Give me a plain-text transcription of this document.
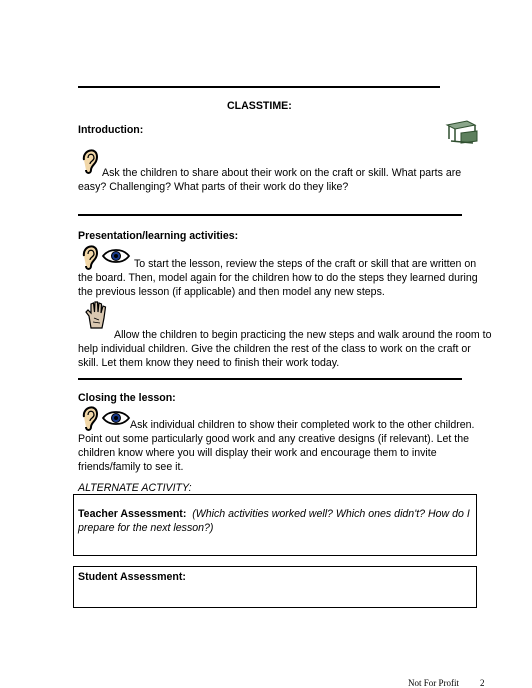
CLASSTIME:
Introduction:
Ask the children to share about their work on the craft or skill. What parts are
easy? Challenging? What parts of their work do they like?
Presentation/learning activities:
To start the lesson, review the steps of the craft or skill that are written on
the board. Then, model again for the children how to do the steps they learned during
the previous lesson (if applicable) and then model any new steps.
Allow the children to begin practicing the new steps and walk around the room to
help individual children. Give the children the rest of the class to work on the craft or
skill. Let them know they need to finish their work today.
Closing the lesson:
Ask individual children to show their completed work to the other children.
Point out some particularly good work and any creative designs (if relevant). Let the
children know where you will display their work and encourage them to invite
friends/family to see it.
ALTERNATE ACTIVITY:
Teacher Assessment: (Which activities worked well? Which ones didn't? How do I
prepare for the next lesson?)
Student Assessment:
Not For Profit 2
